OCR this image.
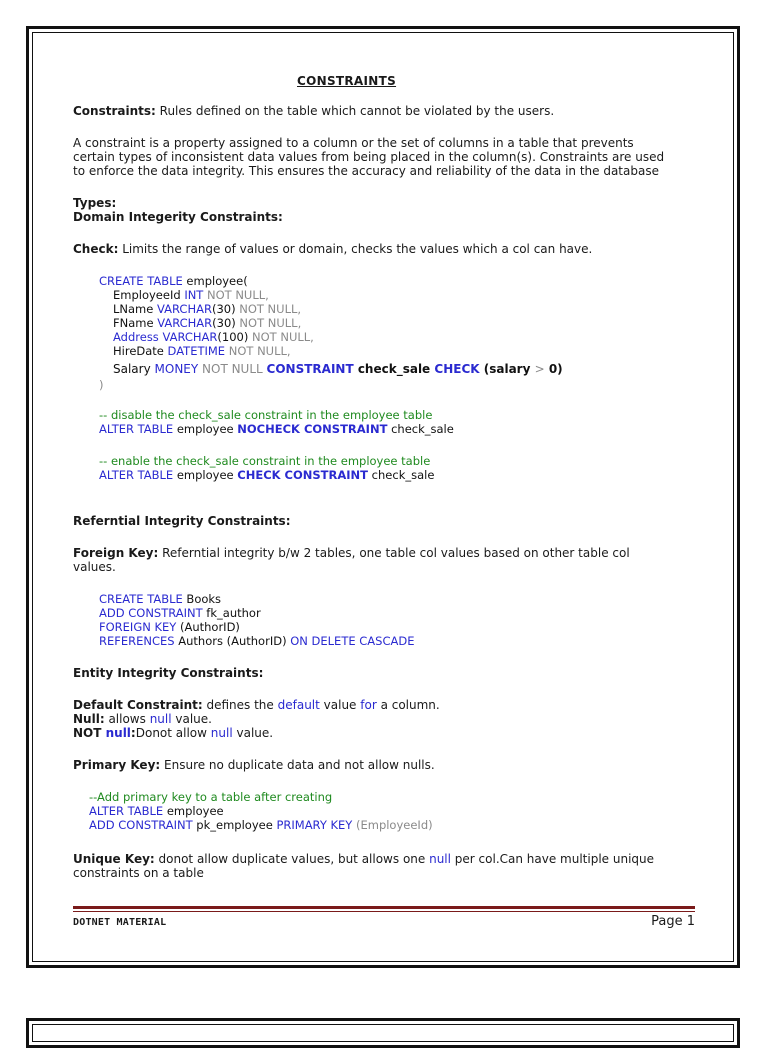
CONSTRAINTS
Constraints: Rules defined on the table which cannot be violated by the users.
A constraint is a property assigned to a column or the set of columns in a table that prevents
certain types of inconsistent data values from being placed in the column(s). Constraints are used
to enforce the data integrity. This ensures the accuracy and reliability of the data in the database
Types:
Domain Integerity Constraints:
Check: Limits the range of values or domain, checks the values which a col can have.
CREATE TABLE employee(
EmployeeId INT NOT NULL,
LName VARCHAR(30) NOT NULL,
FName VARCHAR(30) NOT NULL,
Address VARCHAR(100) NOT NULL,
HireDate DATETIME NOT NULL,
Salary MONEY NOT NULL CONSTRAINT check_sale CHECK (salary > 0)
)
-- disable the check_sale constraint in the employee table
ALTER TABLE employee NOCHECK CONSTRAINT check_sale
-- enable the check_sale constraint in the employee table
ALTER TABLE employee CHECK CONSTRAINT check_sale
Referntial Integrity Constraints:
Foreign Key: Referntial integrity b/w 2 tables, one table col values based on other table col
values.
CREATE TABLE Books
ADD CONSTRAINT fk_author
FOREIGN KEY (AuthorID)
REFERENCES Authors (AuthorID) ON DELETE CASCADE
Entity Integrity Constraints:
Default Constraint: defines the default value for a column.
Null: allows null value.
NOT null:Donot allow null value.
Primary Key: Ensure no duplicate data and not allow nulls.
--Add primary key to a table after creating
ALTER TABLE employee
ADD CONSTRAINT pk_employee PRIMARY KEY (EmployeeId)
Unique Key: donot allow duplicate values, but allows one null per col.Can have multiple unique
constraints on a table
DOTNET MATERIAL	Page 1
